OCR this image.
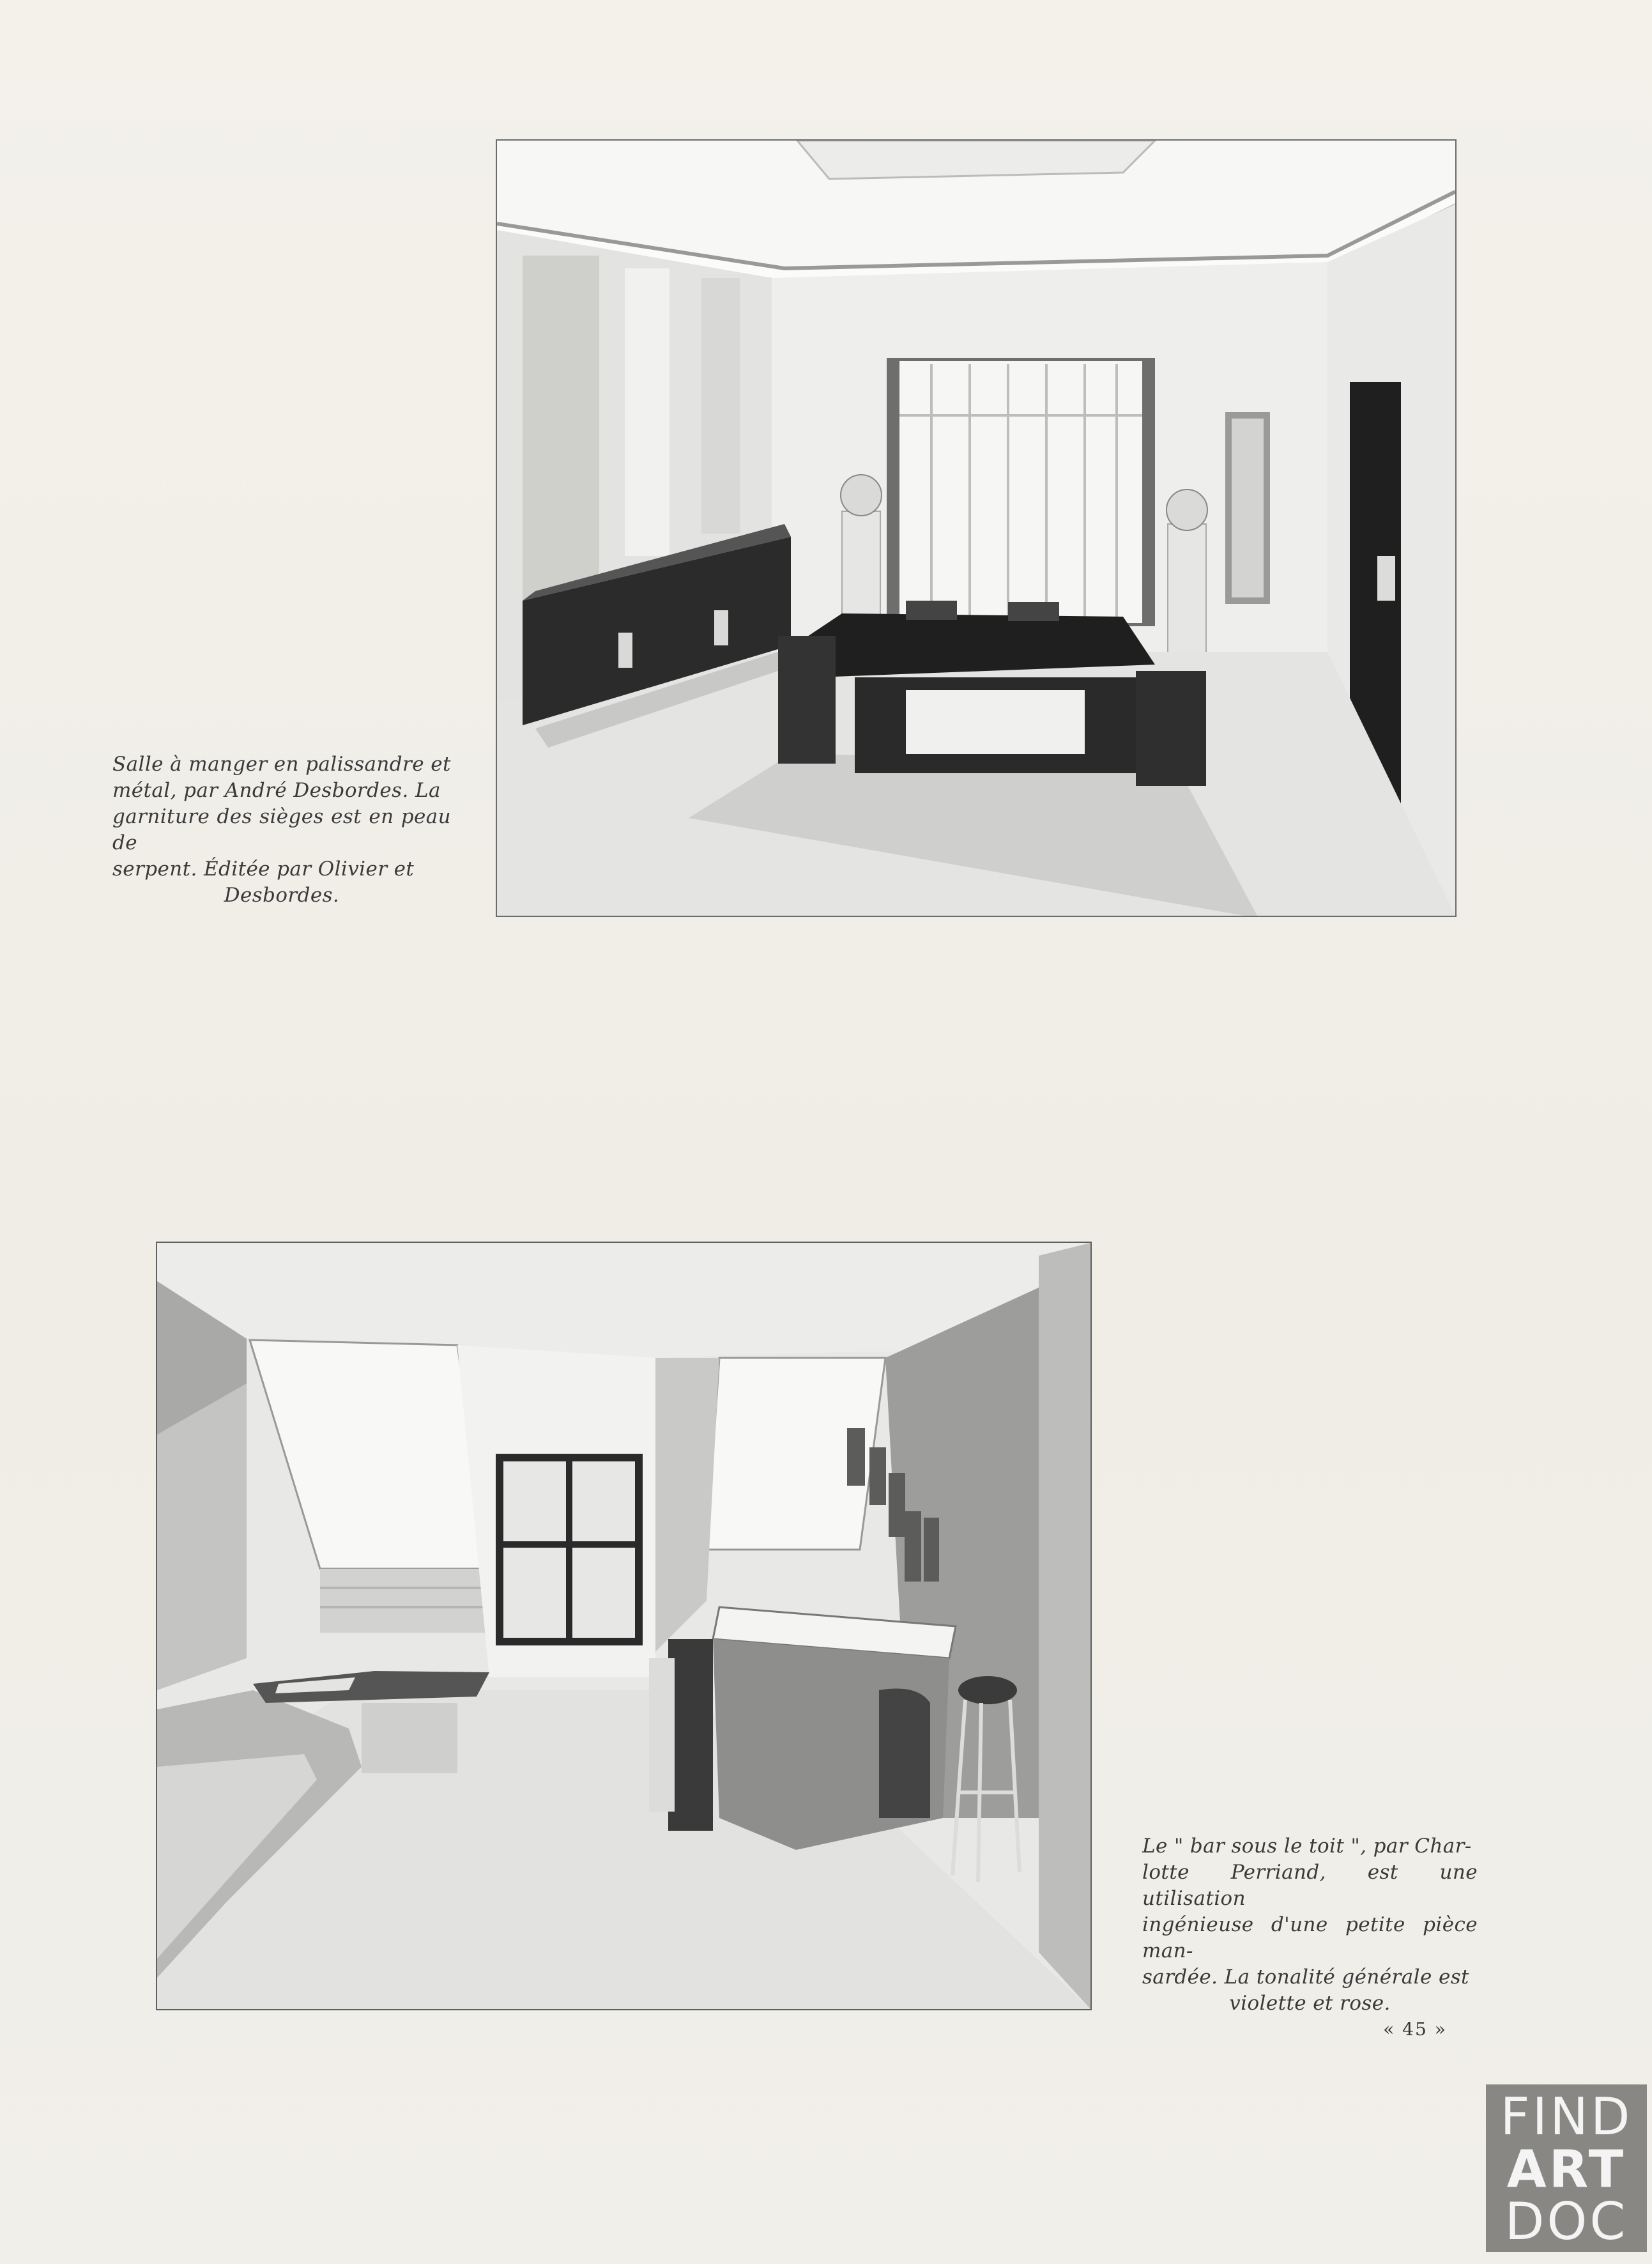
Salle à manger en palissandre et
métal, par André Desbordes. La
garniture des sièges est en peau de
serpent. Éditée par Olivier et
Desbordes.
Le " bar sous le toit ", par Char-
lotte Perriand, est une utilisation
ingénieuse d'une petite pièce man-
sardée. La tonalité générale est
violette et rose.
« 45 »
FIND
ART
DOC
